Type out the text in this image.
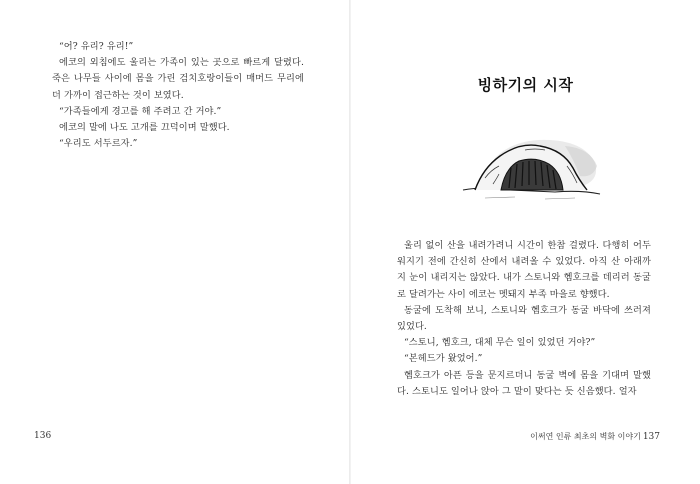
“어? 유리? 유리!”

에코의 외침에도 울리는 가족이 있는 곳으로 빠르게 달렸다. 죽은 나무들 사이에 몸을 가린 검치호랑이들이 매머드 무리에 더 가까이 접근하는 것이 보였다.

“가족들에게 경고를 해 주려고 간 거야.”

에코의 말에 나도 고개를 끄덕이며 말했다.

“우리도 서두르자.”

136
빙하기의 시작

울리 없이 산을 내려가려니 시간이 한참 걸렸다. 다행히 어두워지기 전에 간신히 산에서 내려올 수 있었다. 아직 산 아래까지 눈이 내리지는 않았다. 내가 스토니와 헴호크를 데리러 동굴로 달려가는 사이 에코는 멧돼지 부족 마을로 향했다.

동굴에 도착해 보니, 스토니와 헴호크가 동굴 바닥에 쓰러져 있었다.

“스토니, 헴호크, 대체 무슨 일이 있었던 거야?”

“본헤드가 왔었어.”

헴호크가 아픈 등을 문지르더니 동굴 벽에 몸을 기대며 말했다. 스토니도 일어나 앉아 그 말이 맞다는 듯 신음했다. 얼자

이써연 인류 최초의 벽화 이야기 137
